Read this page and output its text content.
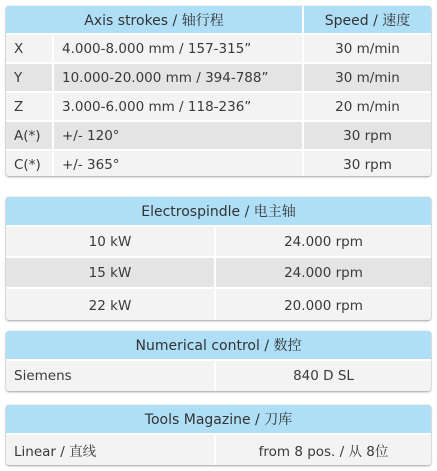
Axis strokes / 轴行程	Speed / 速度
X	4.000-8.000 mm / 157-315”	30 m/min
Y	10.000-20.000 mm / 394-788”	30 m/min
Z	3.000-6.000 mm / 118-236”	20 m/min
A(*)	+/- 120°	30 rpm
C(*)	+/- 365°	30 rpm
Electrospindle / 电主轴
10 kW	24.000 rpm
15 kW	24.000 rpm
22 kW	20.000 rpm
Numerical control / 数控
Siemens	840 D SL
Tools Magazine / 刀库
Linear / 直线	from 8 pos. / 从 8位
